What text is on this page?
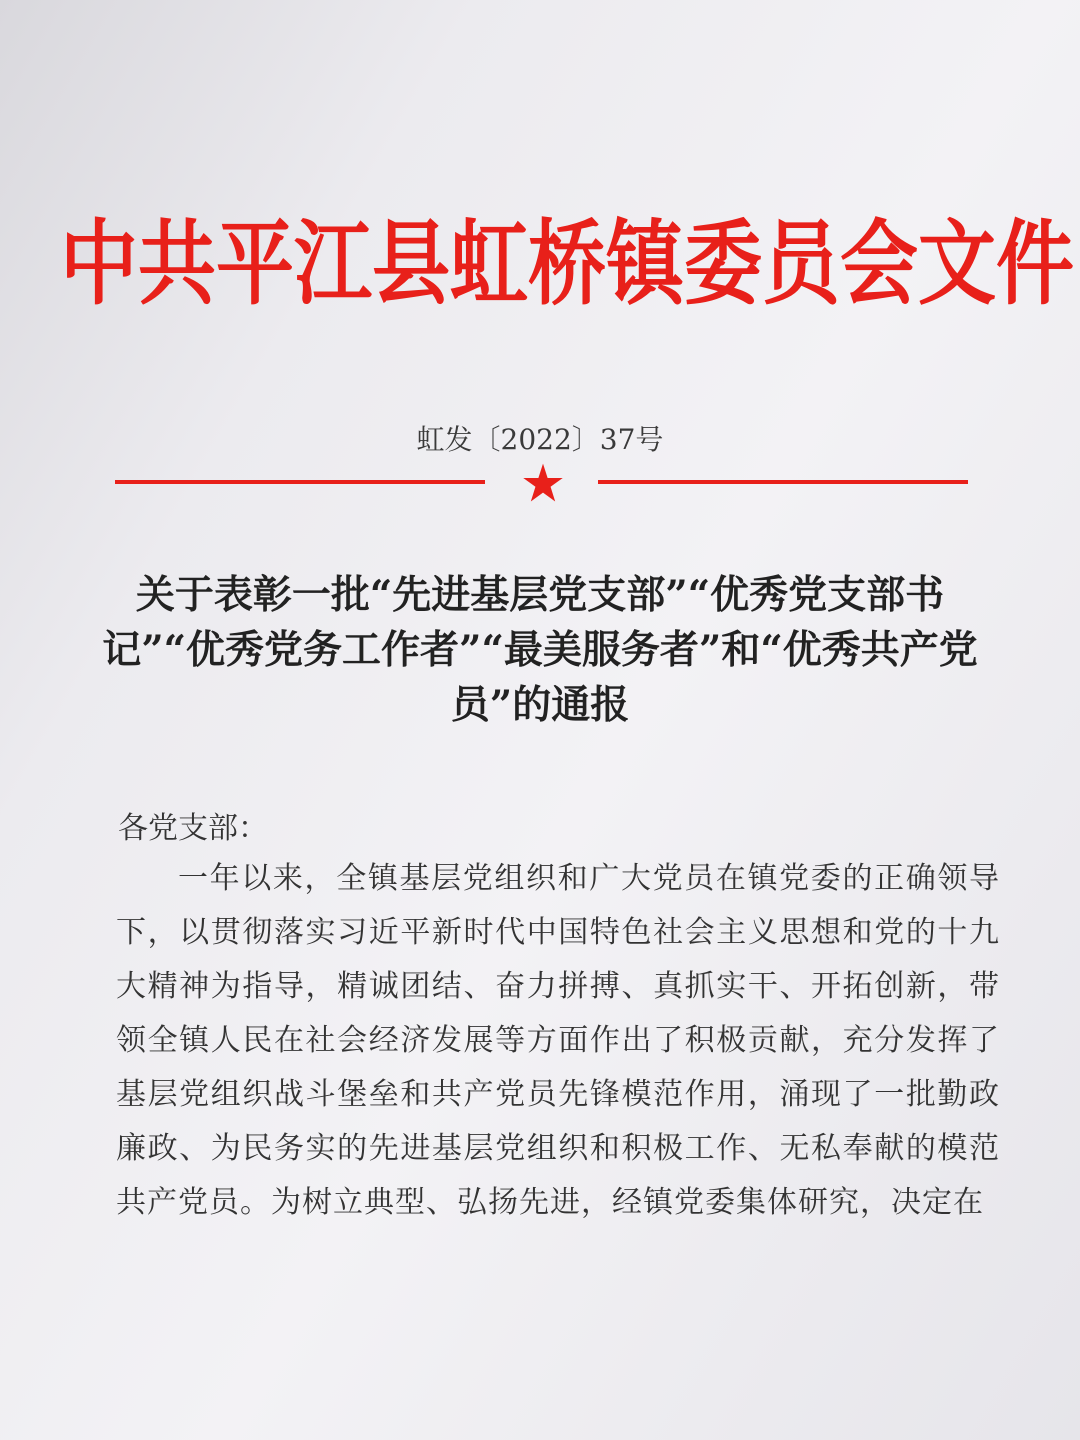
中共平江县虹桥镇委员会文件
虹发〔2022〕37号
关于表彰一批“先进基层党支部”“优秀党支部书记”“优秀党务工作者”“最美服务者”和“优秀共产党员”的通报
各党支部：
一年以来，全镇基层党组织和广大党员在镇党委的正确领导下，以贯彻落实习近平新时代中国特色社会主义思想和党的十九大精神为指导，精诚团结、奋力拼搏、真抓实干、开拓创新，带领全镇人民在社会经济发展等方面作出了积极贡献，充分发挥了基层党组织战斗堡垒和共产党员先锋模范作用，涌现了一批勤政廉政、为民务实的先进基层党组织和积极工作、无私奉献的模范共产党员。为树立典型、弘扬先进，经镇党委集体研究，决定在
